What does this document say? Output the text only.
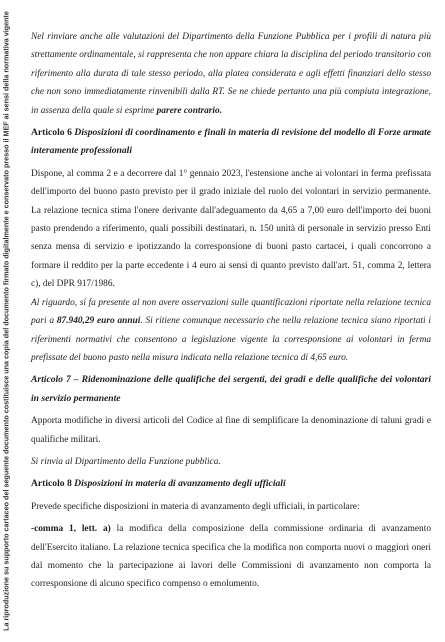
La riproduzione su supporto cartaceo del seguente documento costituisce una copia del documento firmato digitalmente e conservato presso il MEF ai sensi della normativa vigente Nel rinviare anche alle valutazioni del Dipartimento della Funzione Pubblica per i profili di natura più strettamente ordinamentale, si rappresenta che non appare chiara la disciplina del periodo transitorio con riferimento alla durata di tale stesso periodo, alla platea considerata e agli effetti finanziari dello stesso che non sono immediatamente rinvenibili dalla RT. Se ne chiede pertanto una più compiuta integrazione, in assenza della quale si esprime parere contrario.

Articolo 6 Disposizioni di coordinamento e finali in materia di revisione del modello di Forze armate interamente professionali

Dispone, al comma 2 e a decorrere dal 1° gennaio 2023, l'estensione anche ai volontari in ferma prefissata dell'importo del buono pasto previsto per il grado iniziale del ruolo dei volontari in servizio permanente. La relazione tecnica stima l'onere derivante dall'adeguamento da 4,65 a 7,00 euro dell'importo dei buoni pasto prendendo a riferimento, quali possibili destinatari, n. 150 unità di personale in servizio presso Enti senza mensa di servizio e ipotizzando la corresponsione di buoni pasto cartacei, i quali concorrono a formare il reddito per la parte eccedente i 4 euro ai sensi di quanto previsto dall'art. 51, comma 2, lettera c), del DPR 917/1986.

Al riguardo, si fa presente al non avere osservazioni sulle quantificazioni riportate nella relazione tecnica pari a 87.940,29 euro annui. Si ritiene comunque necessario che nella relazione tecnica siano riportati i riferimenti normativi che consentono a legislazione vigente la corresponsione ai volontari in ferma prefissate del buono pasto nella misura indicata nella relazione tecnica di 4,65 euro.

Articolo 7 – Ridenominazione delle qualifiche dei sergenti, dei gradi e delle qualifiche dei volontari in servizio permanente

Apporta modifiche in diversi articoli del Codice al fine di semplificare la denominazione di taluni gradi e qualifiche militari.

Si rinvia al Dipartimento della Funzione pubblica.

Articolo 8 Disposizioni in materia di avanzamento degli ufficiali

Prevede specifiche disposizioni in materia di avanzamento degli ufficiali, in particolare:

-comma 1, lett. a) la modifica della composizione della commissione ordinaria di avanzamento dell'Esercito italiano. La relazione tecnica specifica che la modifica non comporta nuovi o maggiori oneri dal momento che la partecipazione ai lavori delle Commissioni di avanzamento non comporta la corresponsione di alcuno specifico compenso o emolumento.
